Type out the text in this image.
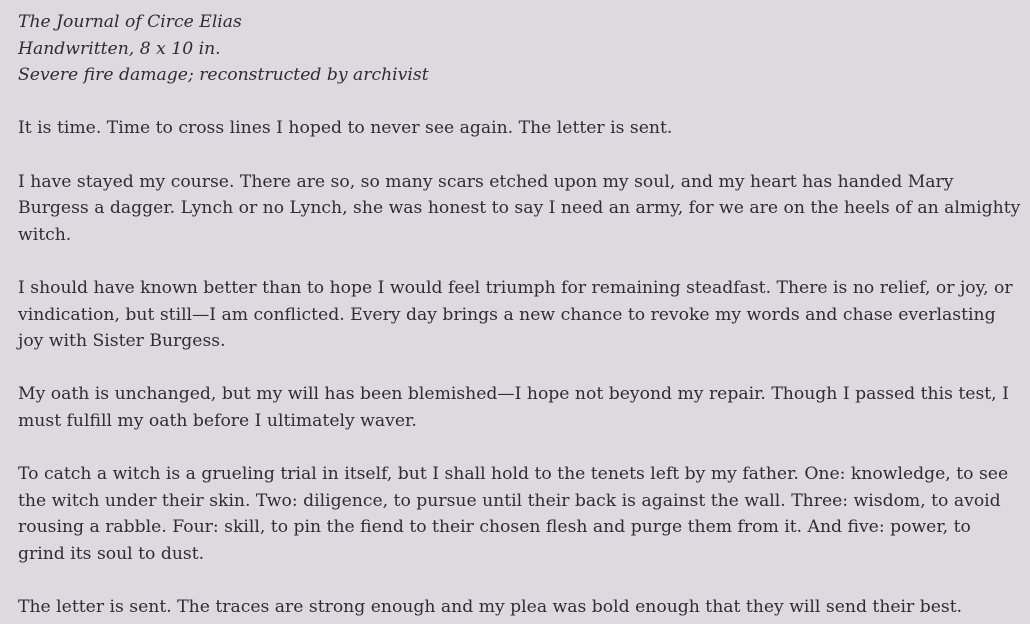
The Journal of Circe Elias
Handwritten, 8 x 10 in.
Severe fire damage; reconstructed by archivist

It is time. Time to cross lines I hoped to never see again. The letter is sent.

I have stayed my course. There are so, so many scars etched upon my soul, and my heart has handed Mary Burgess a dagger. Lynch or no Lynch, she was honest to say I need an army, for we are on the heels of an almighty witch.

I should have known better than to hope I would feel triumph for remaining steadfast. There is no relief, or joy, or vindication, but still—I am conflicted. Every day brings a new chance to revoke my words and chase everlasting joy with Sister Burgess.

My oath is unchanged, but my will has been blemished—I hope not beyond my repair. Though I passed this test, I must fulfill my oath before I ultimately waver.

To catch a witch is a grueling trial in itself, but I shall hold to the tenets left by my father. One: knowledge, to see the witch under their skin. Two: diligence, to pursue until their back is against the wall. Three: wisdom, to avoid rousing a rabble. Four: skill, to pin the fiend to their chosen flesh and purge them from it. And five: power, to grind its soul to dust.

The letter is sent. The traces are strong enough and my plea was bold enough that they will send their best.
